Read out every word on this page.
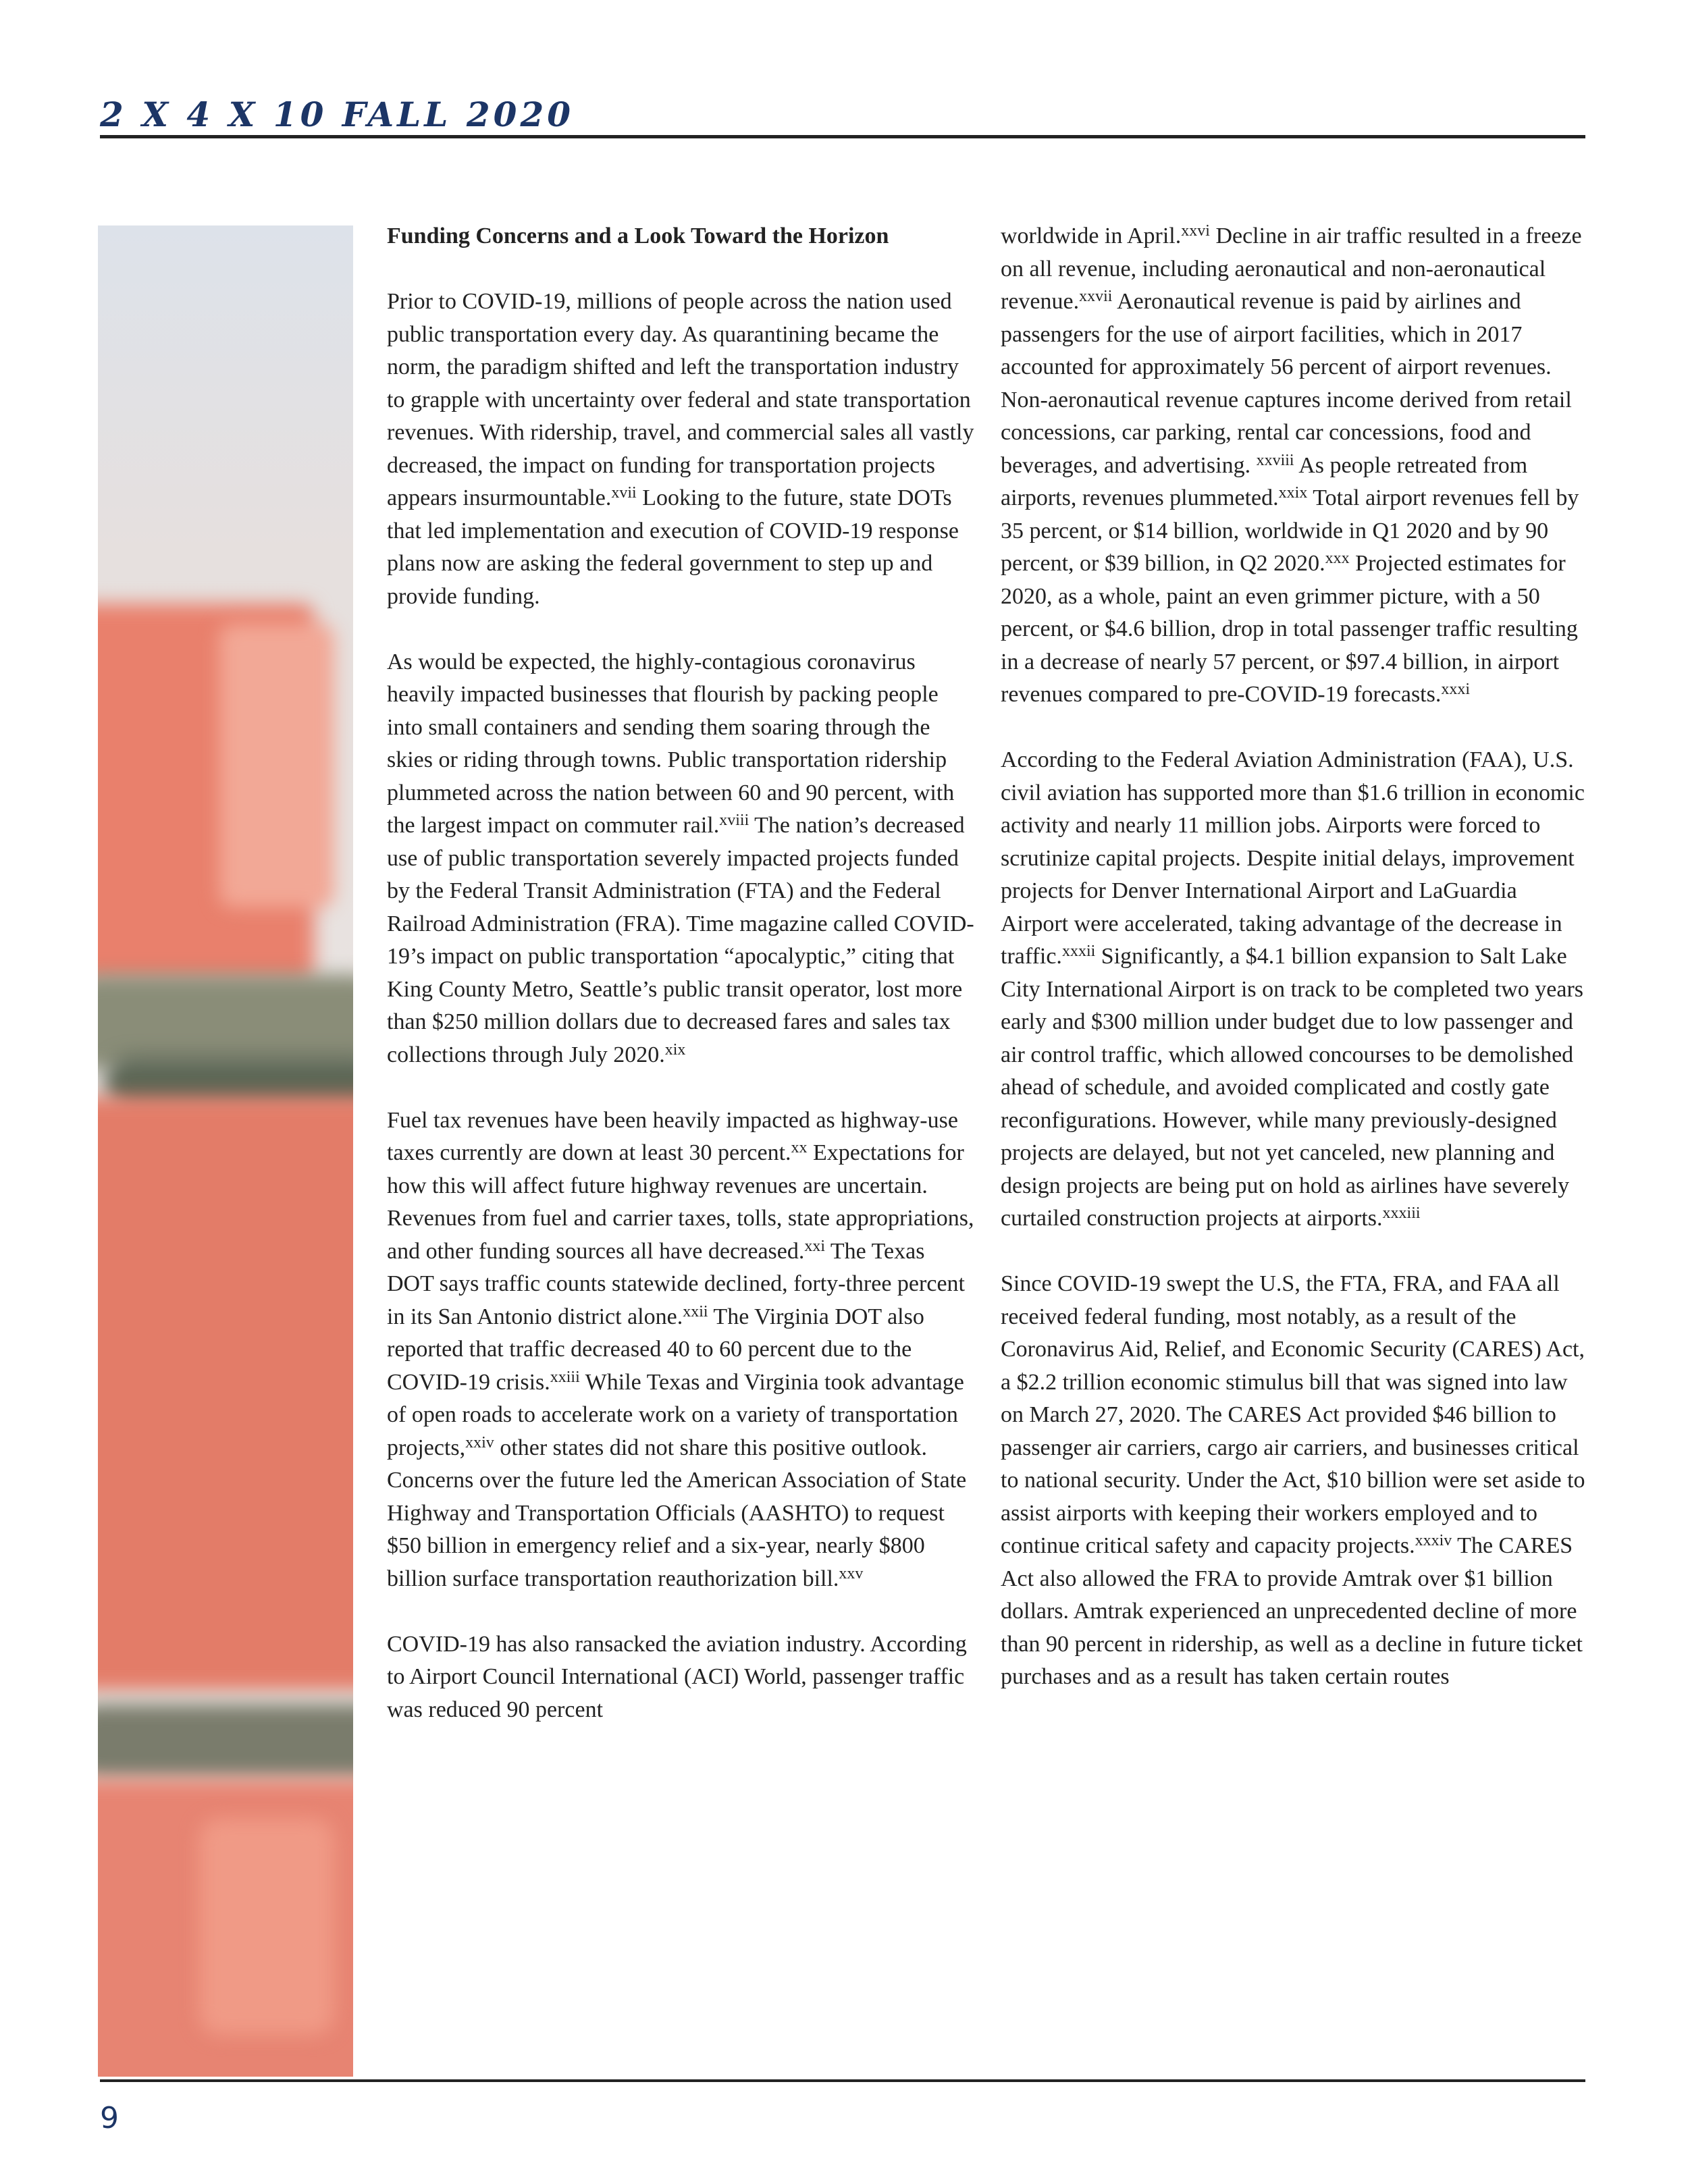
2 X 4 X 10 FALL 2020
Funding Concerns and a Look Toward the Horizon

Prior to COVID-19, millions of people across the nation used public transportation every day. As quarantining became the norm, the paradigm shifted and left the transportation industry to grapple with uncertainty over federal and state transportation revenues. With ridership, travel, and commercial sales all vastly decreased, the impact on funding for transportation projects appears insurmountable.$^{xvii}$ Looking to the future, state DOTs that led implementation and execution of COVID-19 response plans now are asking the federal government to step up and provide funding.

As would be expected, the highly-contagious coronavirus heavily impacted businesses that flourish by packing people into small containers and sending them soaring through the skies or riding through towns. Public transportation ridership plummeted across the nation between 60 and 90 percent, with the largest impact on commuter rail.$^{xviii}$ The nation’s decreased use of public transportation severely impacted projects funded by the Federal Transit Administration (FTA) and the Federal Railroad Administration (FRA). Time magazine called COVID-19’s impact on public transportation “apocalyptic,” citing that King County Metro, Seattle’s public transit operator, lost more than $250 million dollars due to decreased fares and sales tax collections through July 2020.$^{xix}$

Fuel tax revenues have been heavily impacted as highway-use taxes currently are down at least 30 percent.$^{xx}$ Expectations for how this will affect future highway revenues are uncertain. Revenues from fuel and carrier taxes, tolls, state appropriations, and other funding sources all have decreased.$^{xxi}$ The Texas DOT says traffic counts statewide declined, forty-three percent in its San Antonio district alone.$^{xxii}$ The Virginia DOT also reported that traffic decreased 40 to 60 percent due to the COVID-19 crisis.$^{xxiii}$ While Texas and Virginia took advantage of open roads to accelerate work on a variety of transportation projects,$^{xxiv}$ other states did not share this positive outlook. Concerns over the future led the American Association of State Highway and Transportation Officials (AASHTO) to request $50 billion in emergency relief and a six-year, nearly $800 billion surface transportation reauthorization bill.$^{xxv}$

COVID-19 has also ransacked the aviation industry. According to Airport Council International (ACI) World, passenger traffic was reduced 90 percent

worldwide in April.$^{xxvi}$ Decline in air traffic resulted in a freeze on all revenue, including aeronautical and non-aeronautical revenue.$^{xxvii}$ Aeronautical revenue is paid by airlines and passengers for the use of airport facilities, which in 2017 accounted for approximately 56 percent of airport revenues. Non-aeronautical revenue captures income derived from retail concessions, car parking, rental car concessions, food and beverages, and advertising. $^{xxviii}$ As people retreated from airports, revenues plummeted.$^{xxix}$ Total airport revenues fell by 35 percent, or $14 billion, worldwide in Q1 2020 and by 90 percent, or $39 billion, in Q2 2020.$^{xxx}$ Projected estimates for 2020, as a whole, paint an even grimmer picture, with a 50 percent, or $4.6 billion, drop in total passenger traffic resulting in a decrease of nearly 57 percent, or $97.4 billion, in airport revenues compared to pre-COVID-19 forecasts.$^{xxxi}$

According to the Federal Aviation Administration (FAA), U.S. civil aviation has supported more than $1.6 trillion in economic activity and nearly 11 million jobs. Airports were forced to scrutinize capital projects. Despite initial delays, improvement projects for Denver International Airport and LaGuardia Airport were accelerated, taking advantage of the decrease in traffic.$^{xxxii}$ Significantly, a $4.1 billion expansion to Salt Lake City International Airport is on track to be completed two years early and $300 million under budget due to low passenger and air control traffic, which allowed concourses to be demolished ahead of schedule, and avoided complicated and costly gate reconfigurations. However, while many previously-designed projects are delayed, but not yet canceled, new planning and design projects are being put on hold as airlines have severely curtailed construction projects at airports.$^{xxxiii}$

Since COVID-19 swept the U.S, the FTA, FRA, and FAA all received federal funding, most notably, as a result of the Coronavirus Aid, Relief, and Economic Security (CARES) Act, a $2.2 trillion economic stimulus bill that was signed into law on March 27, 2020. The CARES Act provided $46 billion to passenger air carriers, cargo air carriers, and businesses critical to national security. Under the Act, $10 billion were set aside to assist airports with keeping their workers employed and to continue critical safety and capacity projects.$^{xxxiv}$ The CARES Act also allowed the FRA to provide Amtrak over $1 billion dollars. Amtrak experienced an unprecedented decline of more than 90 percent in ridership, as well as a decline in future ticket purchases and as a result has taken certain routes

9
